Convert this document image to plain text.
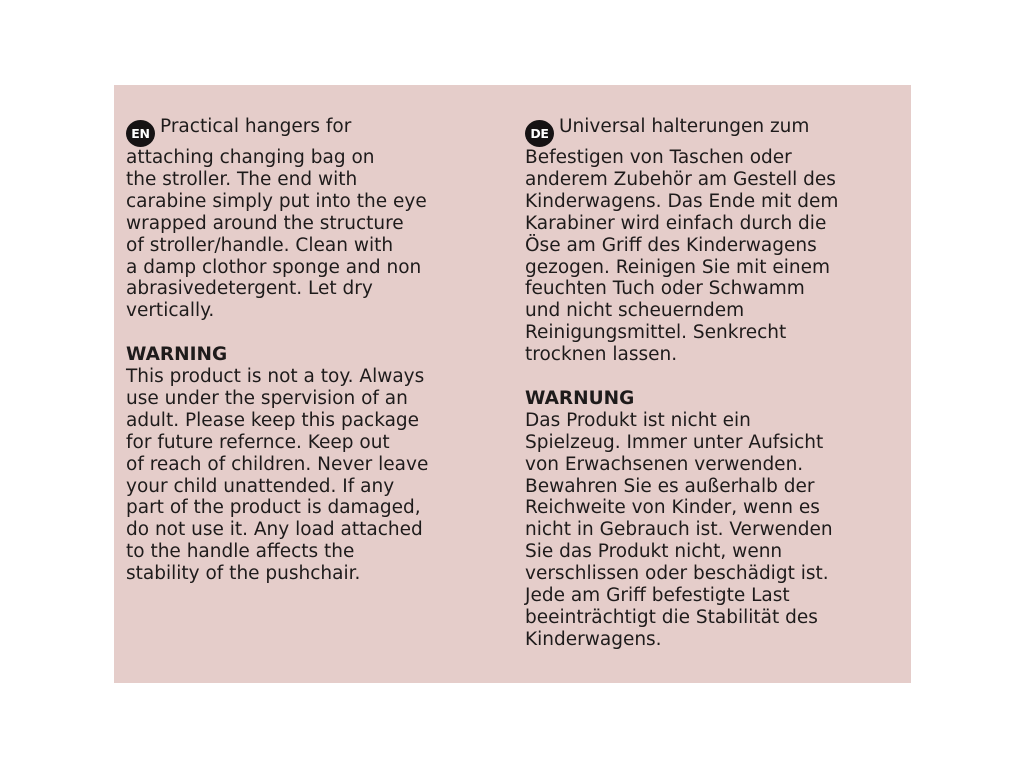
EN Practical hangers for
attaching changing bag on
the stroller. The end with
carabine simply put into the eye
wrapped around the structure
of stroller/handle. Clean with
a damp clothor sponge and non
abrasivedetergent. Let dry
vertically.
WARNING
This product is not a toy. Always
use under the spervision of an
adult. Please keep this package
for future refernce. Keep out
of reach of children. Never leave
your child unattended. If any
part of the product is damaged,
do not use it. Any load attached
to the handle affects the
stability of the pushchair.
DE Universal halterungen zum
Befestigen von Taschen oder
anderem Zubehör am Gestell des
Kinderwagens. Das Ende mit dem
Karabiner wird einfach durch die
Öse am Griff des Kinderwagens
gezogen. Reinigen Sie mit einem
feuchten Tuch oder Schwamm
und nicht scheuerndem
Reinigungsmittel. Senkrecht
trocknen lassen.
WARNUNG
Das Produkt ist nicht ein
Spielzeug. Immer unter Aufsicht
von Erwachsenen verwenden.
Bewahren Sie es außerhalb der
Reichweite von Kinder, wenn es
nicht in Gebrauch ist. Verwenden
Sie das Produkt nicht, wenn
verschlissen oder beschädigt ist.
Jede am Griff befestigte Last
beeinträchtigt die Stabilität des
Kinderwagens.
